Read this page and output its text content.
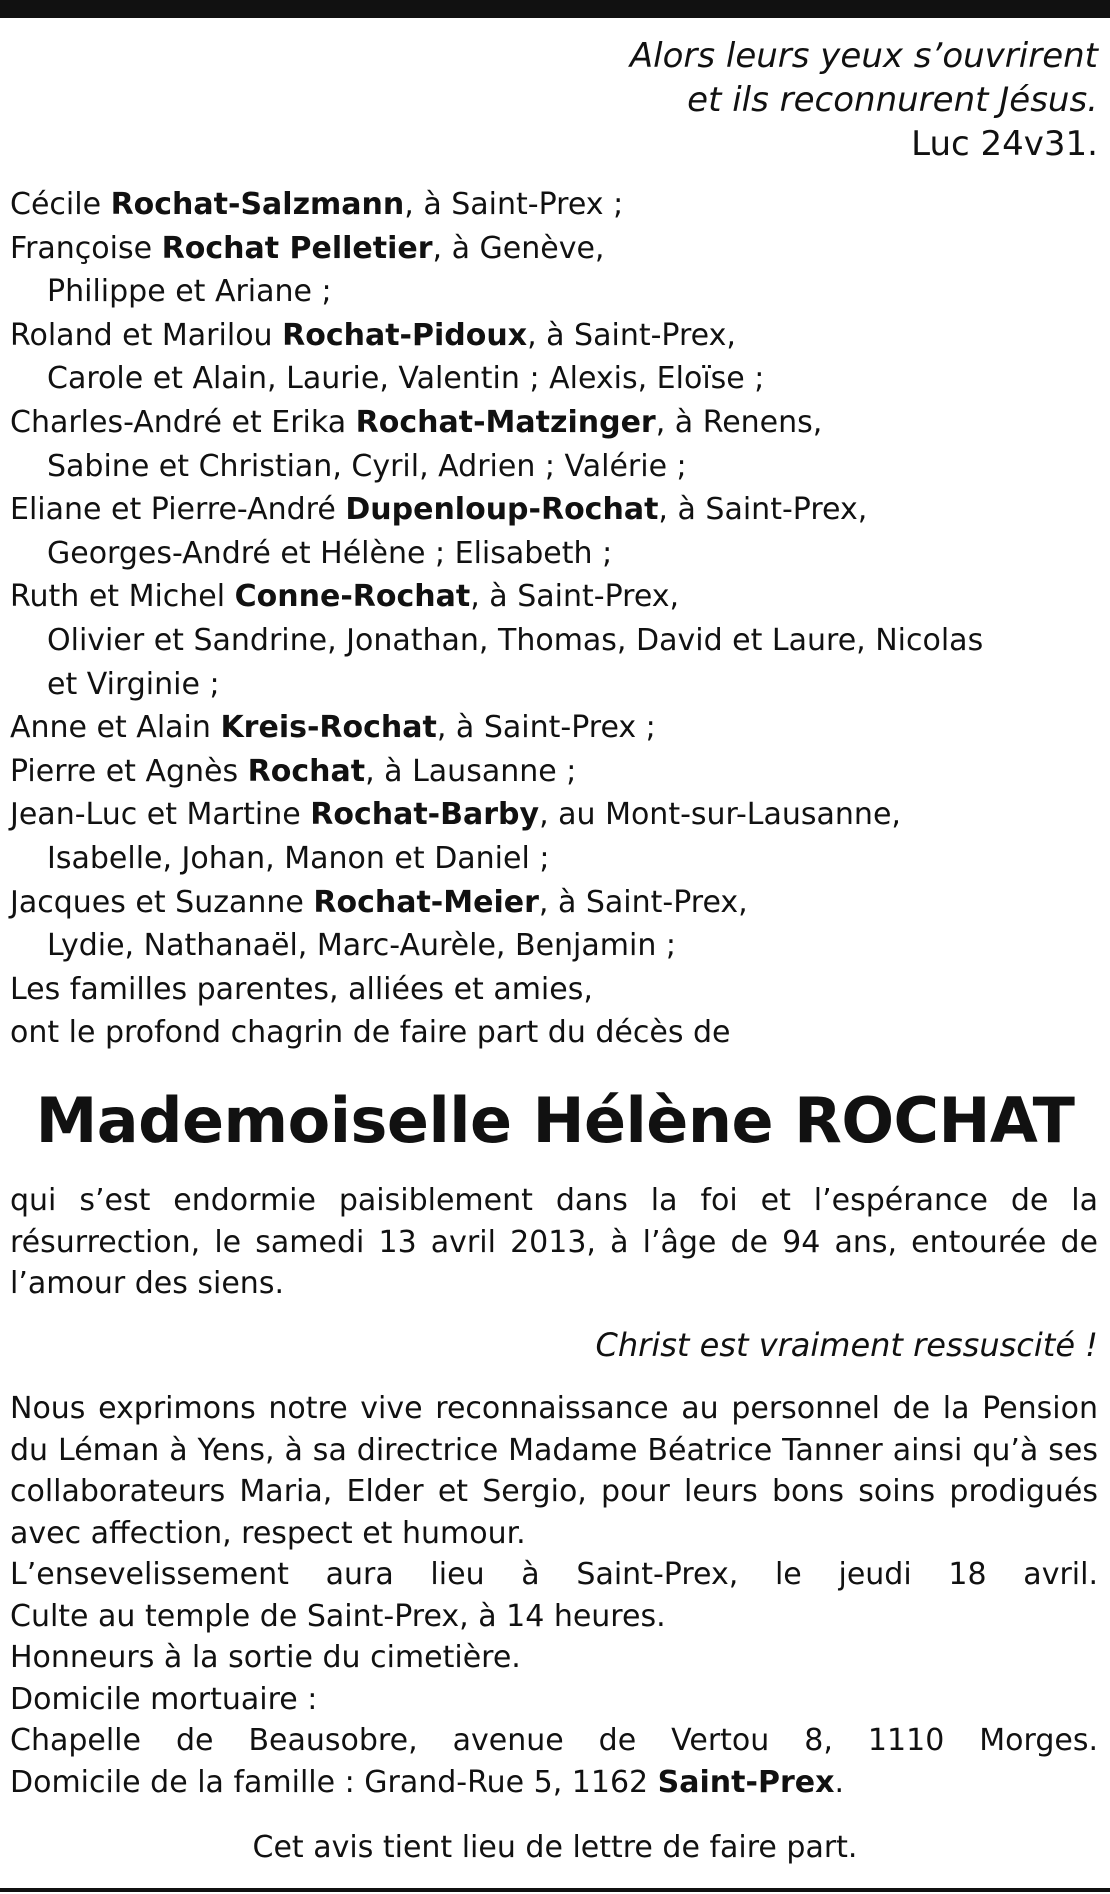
Alors leurs yeux s’ouvrirent
et ils reconnurent Jésus.
Luc 24v31.
Cécile Rochat-Salzmann, à Saint-Prex ;
Françoise Rochat Pelletier, à Genève,
Philippe et Ariane ;
Roland et Marilou Rochat-Pidoux, à Saint-Prex,
Carole et Alain, Laurie, Valentin ; Alexis, Eloïse ;
Charles-André et Erika Rochat-Matzinger, à Renens,
Sabine et Christian, Cyril, Adrien ; Valérie ;
Eliane et Pierre-André Dupenloup-Rochat, à Saint-Prex,
Georges-André et Hélène ; Elisabeth ;
Ruth et Michel Conne-Rochat, à Saint-Prex,
Olivier et Sandrine, Jonathan, Thomas, David et Laure, Nicolas
et Virginie ;
Anne et Alain Kreis-Rochat, à Saint-Prex ;
Pierre et Agnès Rochat, à Lausanne ;
Jean-Luc et Martine Rochat-Barby, au Mont-sur-Lausanne,
Isabelle, Johan, Manon et Daniel ;
Jacques et Suzanne Rochat-Meier, à Saint-Prex,
Lydie, Nathanaël, Marc-Aurèle, Benjamin ;
Les familles parentes, alliées et amies,
ont le profond chagrin de faire part du décès de
Mademoiselle Hélène ROCHAT
qui s’est endormie paisiblement dans la foi et l’espérance de la résurrection, le samedi 13 avril 2013, à l’âge de 94 ans, entourée de l’amour des siens.
Christ est vraiment ressuscité !
Nous exprimons notre vive reconnaissance au personnel de la Pension du Léman à Yens, à sa directrice Madame Béatrice Tanner ainsi qu’à ses collaborateurs Maria, Elder et Sergio, pour leurs bons soins prodigués avec affection, respect et humour.
L’ensevelissement aura lieu à Saint-Prex, le jeudi 18 avril.
Culte au temple de Saint-Prex, à 14 heures.
Honneurs à la sortie du cimetière.
Domicile mortuaire :
Chapelle de Beausobre, avenue de Vertou 8, 1110 Morges.
Domicile de la famille : Grand-Rue 5, 1162 Saint-Prex.
Cet avis tient lieu de lettre de faire part.
